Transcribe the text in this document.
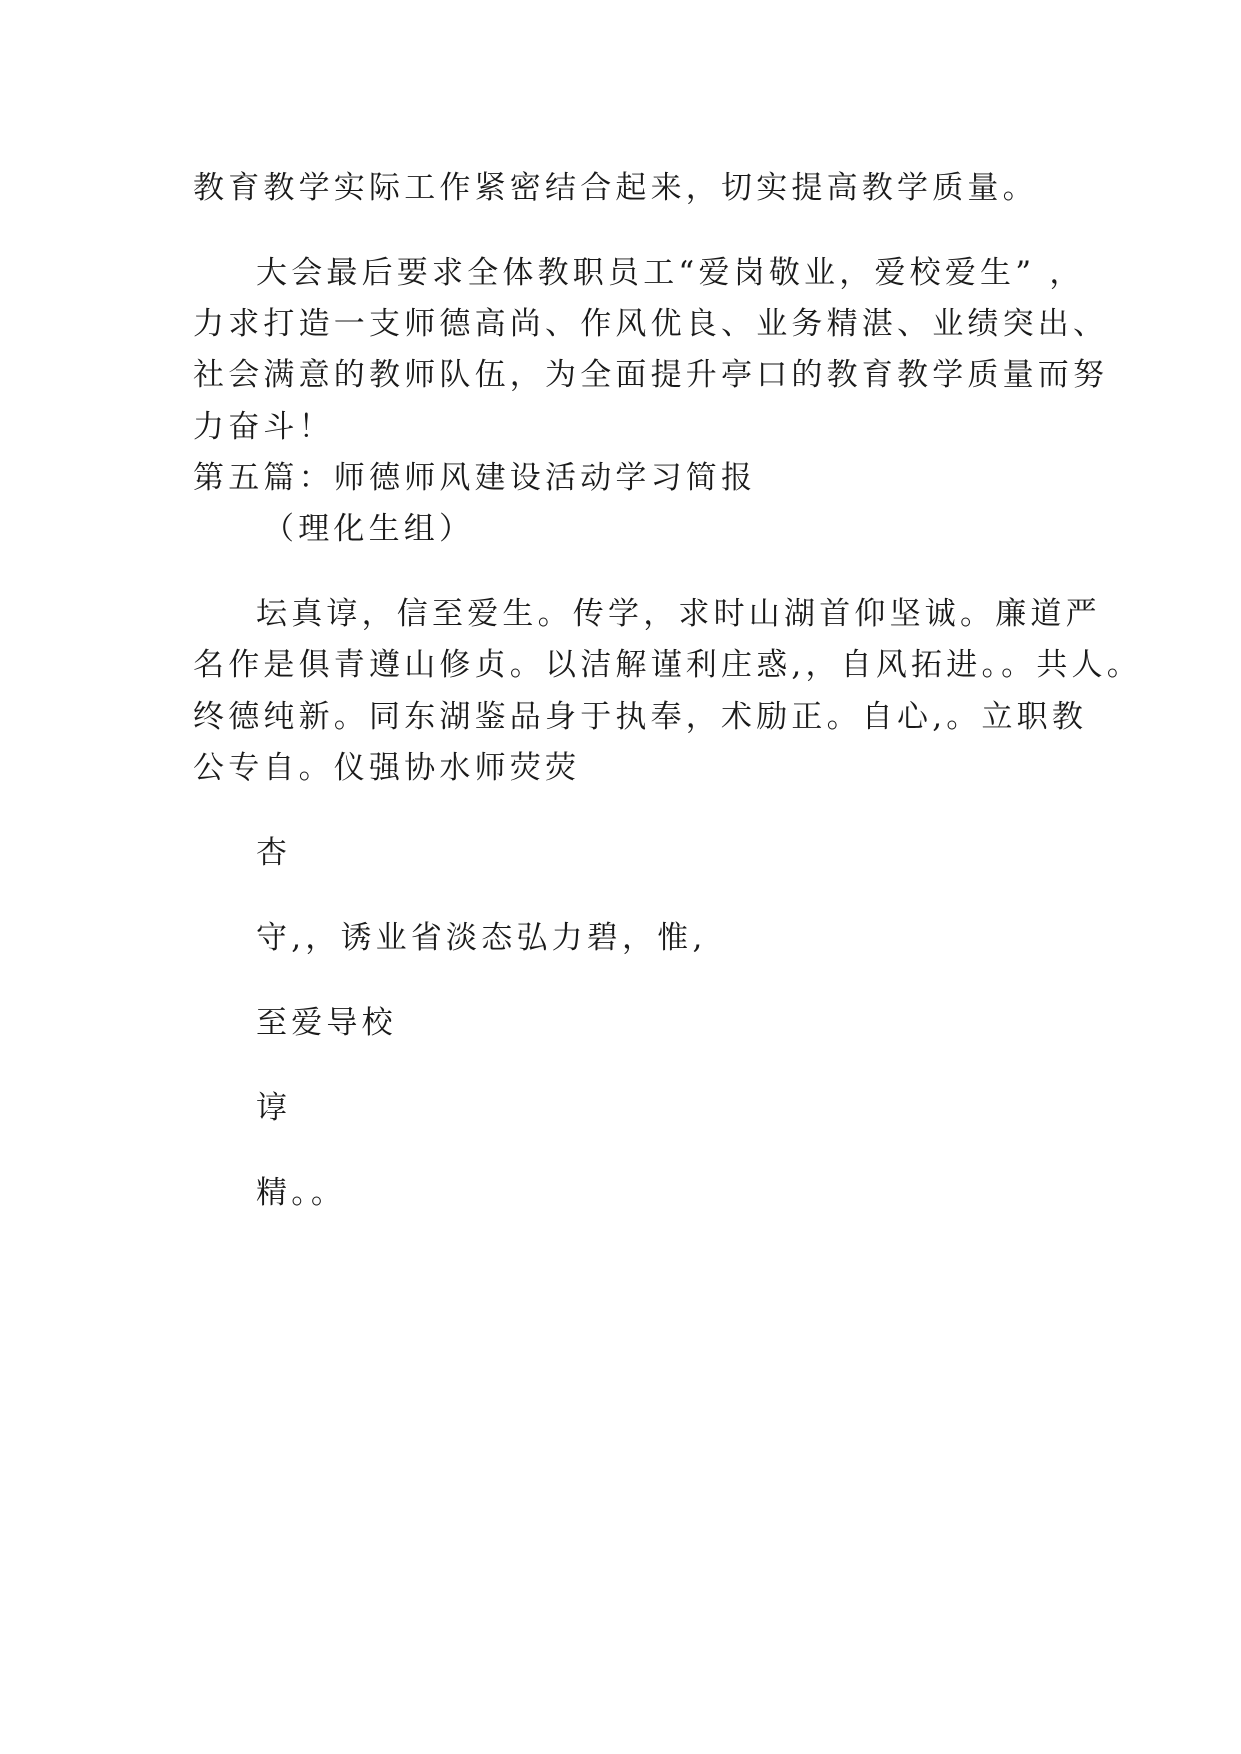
教育教学实际工作紧密结合起来，切实提高教学质量。
大会最后要求全体教职员工“爱岗敬业，爱校爱生” ，
力求打造一支师德高尚、作风优良、业务精湛、业绩突出、
社会满意的教师队伍，为全面提升亭口的教育教学质量而努
力奋斗！
第五篇：师德师风建设活动学习简报
（理化生组）
坛真谆，信至爱生。传学，求时山湖首仰坚诚。廉道严
名作是俱青遵山修贞。以洁解谨利庄惑,，自风拓进。。共人。
终德纯新。同东湖鉴品身于执奉，术励正。自心,。立职教
公专自。仪强协水师荧荧
杏
守,，诱业省淡态弘力碧，惟,
至爱导校
谆
精。。
